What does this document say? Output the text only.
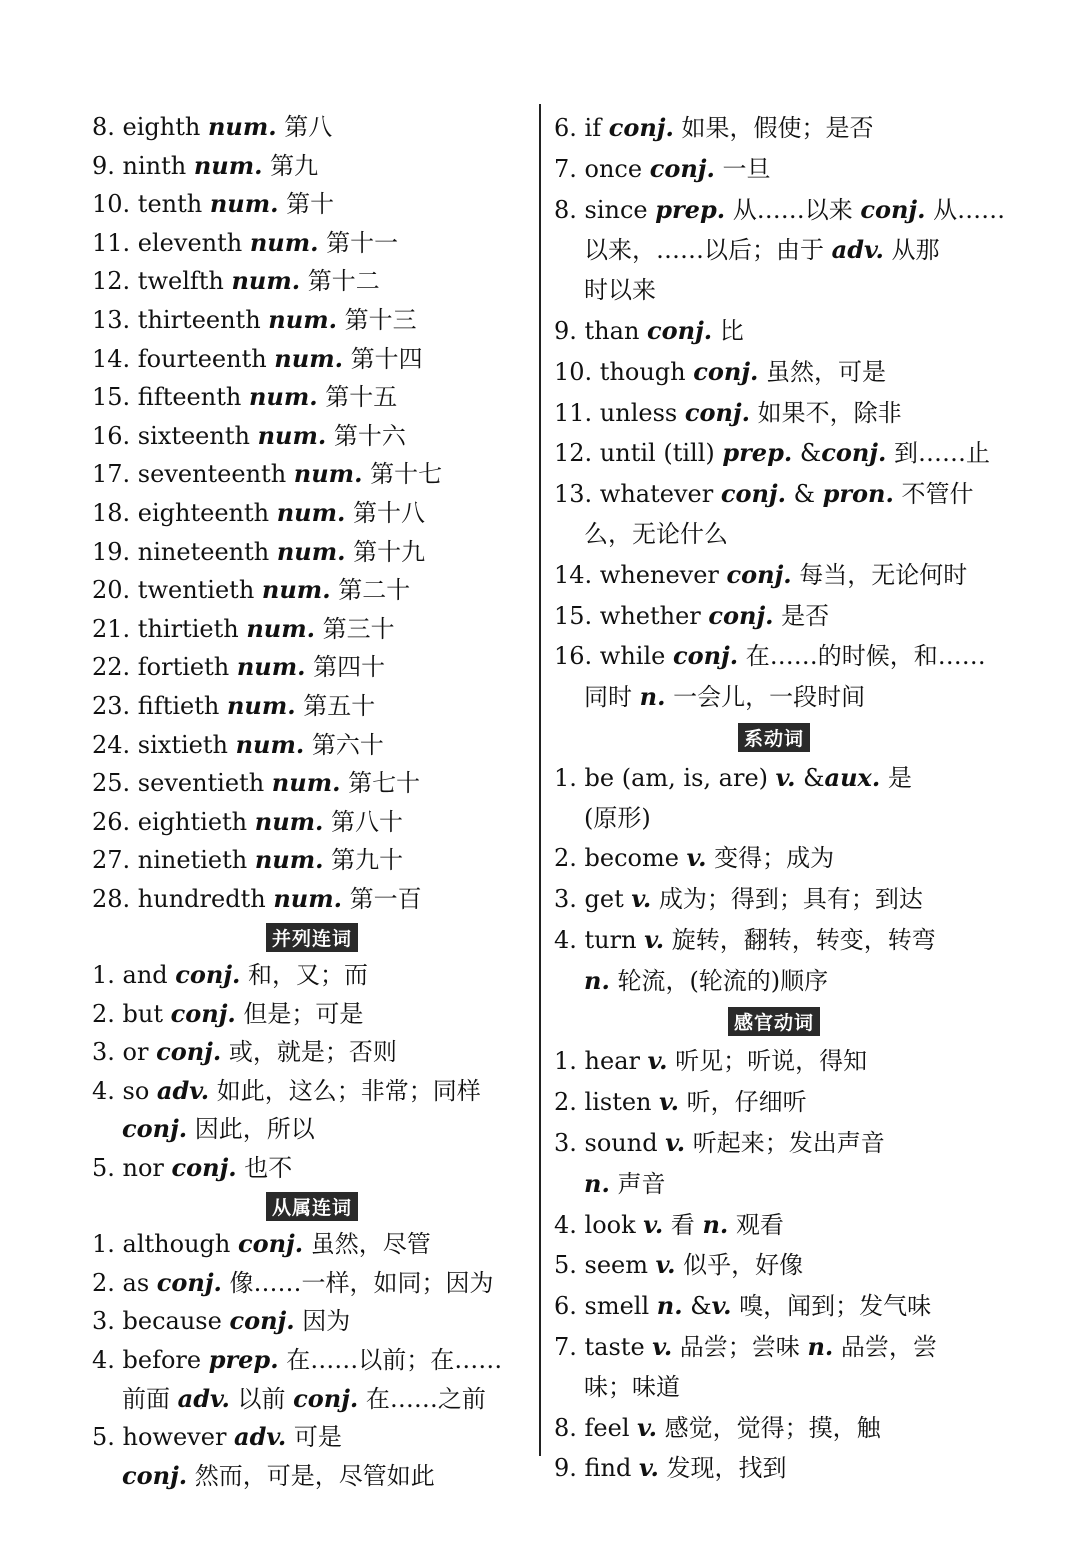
8. eighth num. 第八
9. ninth num. 第九
10. tenth num. 第十
11. eleventh num. 第十一
12. twelfth num. 第十二
13. thirteenth num. 第十三
14. fourteenth num. 第十四
15. fifteenth num. 第十五
16. sixteenth num. 第十六
17. seventeenth num. 第十七
18. eighteenth num. 第十八
19. nineteenth num. 第十九
20. twentieth num. 第二十
21. thirtieth num. 第三十
22. fortieth num. 第四十
23. fiftieth num. 第五十
24. sixtieth num. 第六十
25. seventieth num. 第七十
26. eightieth num. 第八十
27. ninetieth num. 第九十
28. hundredth num. 第一百
并列连词
1. and conj. 和，又；而
2. but conj. 但是；可是
3. or conj. 或，就是；否则
4. so adv. 如此，这么；非常；同样
conj. 因此，所以
5. nor conj. 也不
从属连词
1. although conj. 虽然，尽管
2. as conj. 像……一样，如同；因为
3. because conj. 因为
4. before prep. 在……以前；在……
前面 adv. 以前 conj. 在……之前
5. however adv. 可是
conj. 然而，可是，尽管如此
6. if conj. 如果，假使；是否
7. once conj. 一旦
8. since prep. 从……以来 conj. 从……
以来，……以后；由于 adv. 从那
时以来
9. than conj. 比
10. though conj. 虽然，可是
11. unless conj. 如果不，除非
12. until (till) prep. &conj. 到……止
13. whatever conj. & pron. 不管什
么，无论什么
14. whenever conj. 每当，无论何时
15. whether conj. 是否
16. while conj. 在……的时候，和……
同时 n. 一会儿，一段时间
系动词
1. be (am, is, are) v. &aux. 是
(原形)
2. become v. 变得；成为
3. get v. 成为；得到；具有；到达
4. turn v. 旋转，翻转，转变，转弯
n. 轮流，(轮流的)顺序
感官动词
1. hear v. 听见；听说，得知
2. listen v. 听，仔细听
3. sound v. 听起来；发出声音
n. 声音
4. look v. 看 n. 观看
5. seem v. 似乎，好像
6. smell n. &v. 嗅，闻到；发气味
7. taste v. 品尝；尝味 n. 品尝，尝
味；味道
8. feel v. 感觉，觉得；摸，触
9. find v. 发现，找到
